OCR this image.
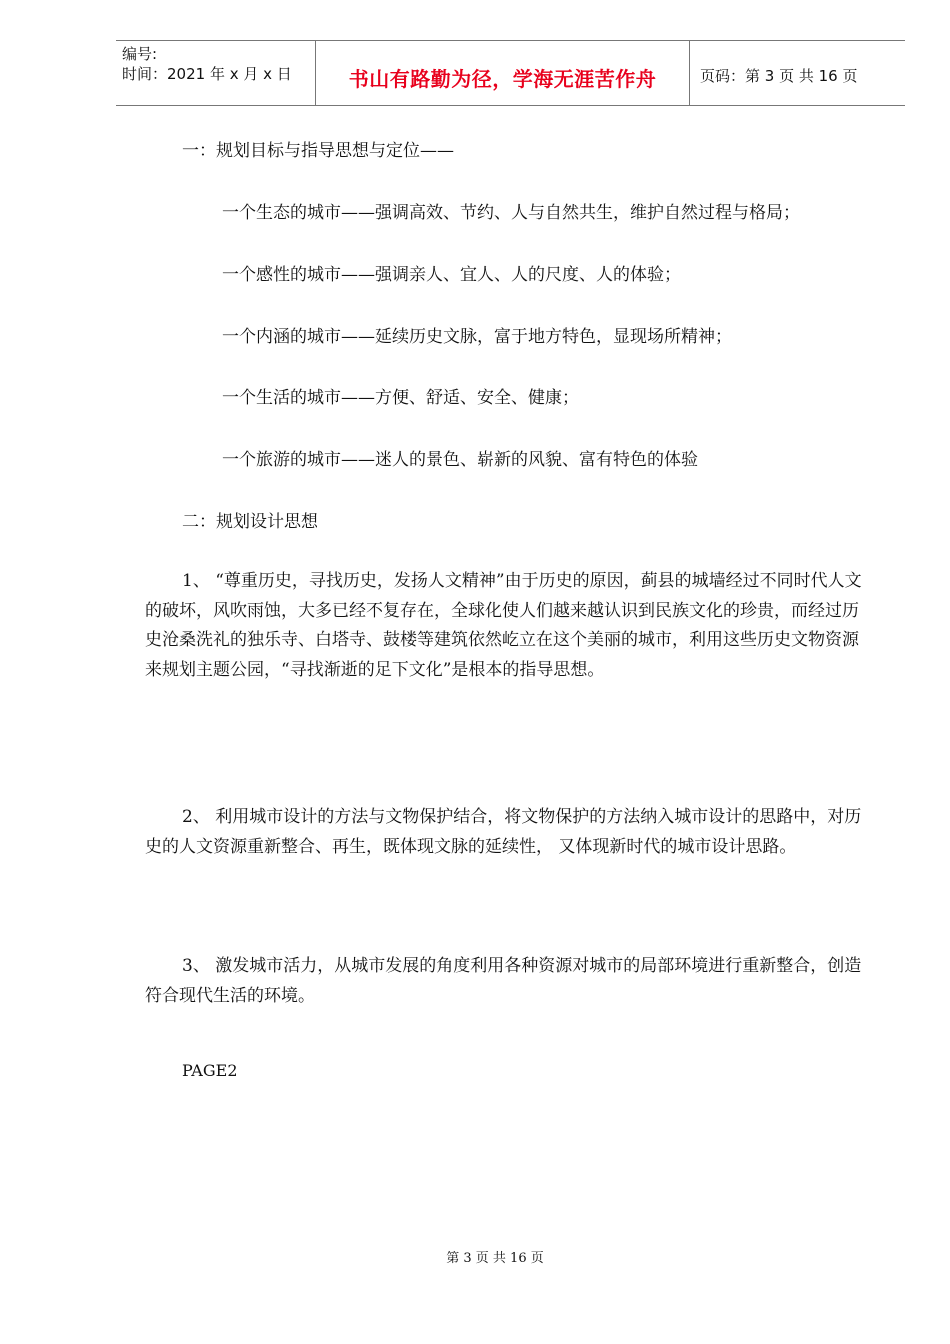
编号:
时间：2021 年 x 月 x 日	书山有路勤为径，学海无涯苦作舟	页码：第 3 页 共 16 页
一：规划目标与指导思想与定位——
一个生态的城市——强调高效、节约、人与自然共生，维护自然过程与格局；
一个感性的城市——强调亲人、宜人、人的尺度、人的体验；
一个内涵的城市——延续历史文脉，富于地方特色，显现场所精神；
一个生活的城市——方便、舒适、安全、健康；
一个旅游的城市——迷人的景色、崭新的风貌、富有特色的体验
二：规划设计思想
1、 “尊重历史，寻找历史，发扬人文精神”由于历史的原因，蓟县的城墙经过不同时代人文的破坏，风吹雨蚀，大多已经不复存在，全球化使人们越来越认识到民族文化的珍贵，而经过历史沧桑洗礼的独乐寺、白塔寺、鼓楼等建筑依然屹立在这个美丽的城市，利用这些历史文物资源来规划主题公园，“寻找渐逝的足下文化”是根本的指导思想。
2、 利用城市设计的方法与文物保护结合，将文物保护的方法纳入城市设计的思路中，对历史的人文资源重新整合、再生，既体现文脉的延续性， 又体现新时代的城市设计思路。
3、 激发城市活力，从城市发展的角度利用各种资源对城市的局部环境进行重新整合，创造符合现代生活的环境。
PAGE2
第 3 页 共 16 页
